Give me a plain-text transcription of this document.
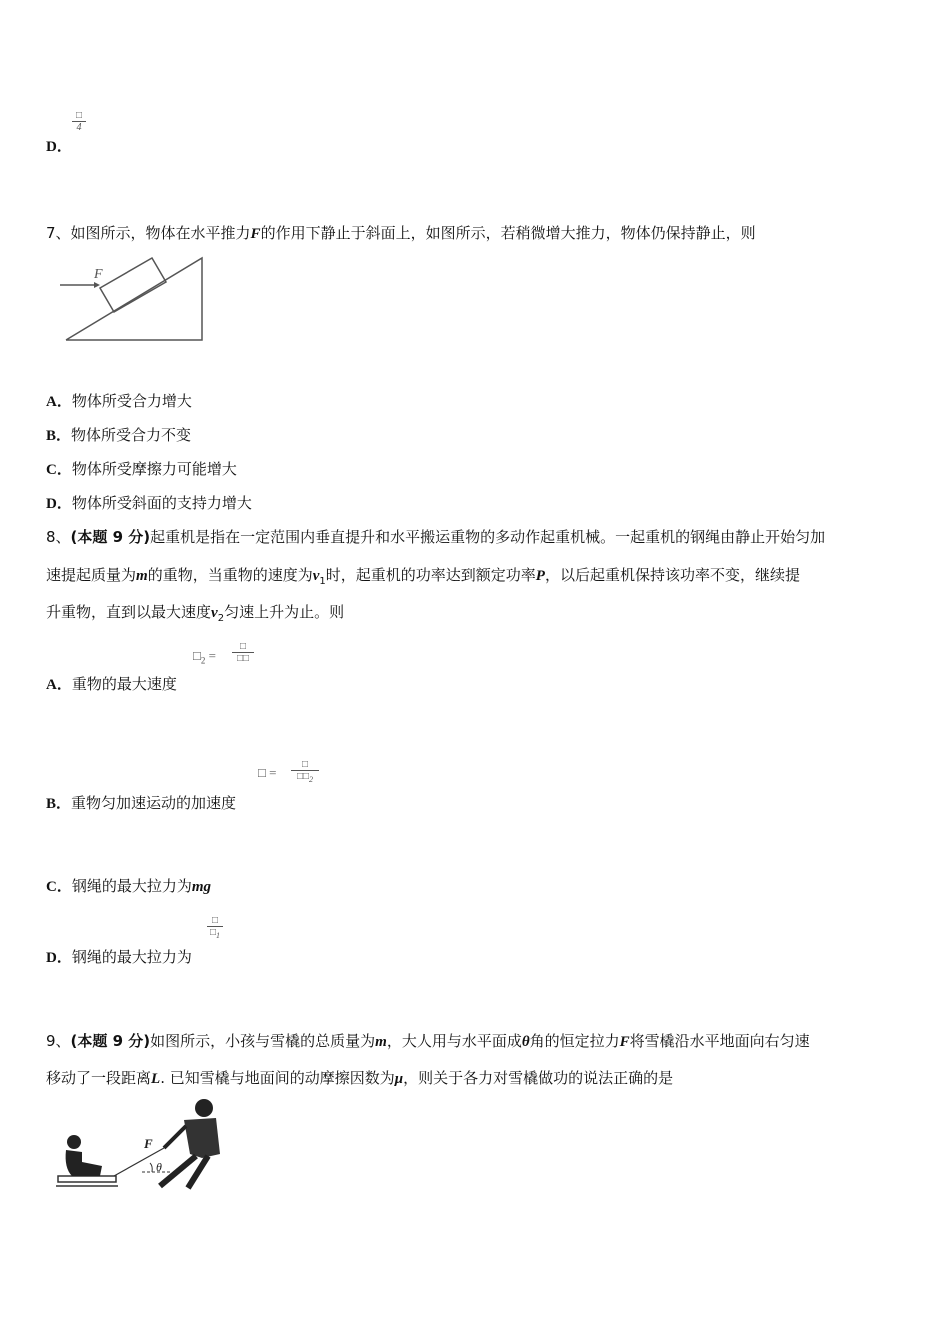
□
4
D．
7、如图所示，物体在水平推力F的作用下静止于斜面上，如图所示，若稍微增大推力，物体仍保持静止，则
F
A．物体所受合力增大
B．物体所受合力不变
C．物体所受摩擦力可能增大
D．物体所受斜面的支持力增大
8、(本题 9 分)起重机是指在一定范围内垂直提升和水平搬运重物的多动作起重机械。一起重机的钢绳由静止开始匀加
速提起质量为m的重物，当重物的速度为$v_1$时，起重机的功率达到额定功率P，以后起重机保持该功率不变，继续提
升重物，直到以最大速度$v_2$匀速上升为止。则
$□_2$ =
□
□□
A．重物的最大速度
□ =
□
$□□_2$
B．重物匀加速运动的加速度
C．钢绳的最大拉力为mg
□
$□_1$
D．钢绳的最大拉力为
9、(本题 9 分)如图所示，小孩与雪橇的总质量为m，大人用与水平面成θ角的恒定拉力F将雪橇沿水平地面向右匀速
移动了一段距离L. 已知雪橇与地面间的动摩擦因数为μ，则关于各力对雪橇做功的说法正确的是
θ
F
